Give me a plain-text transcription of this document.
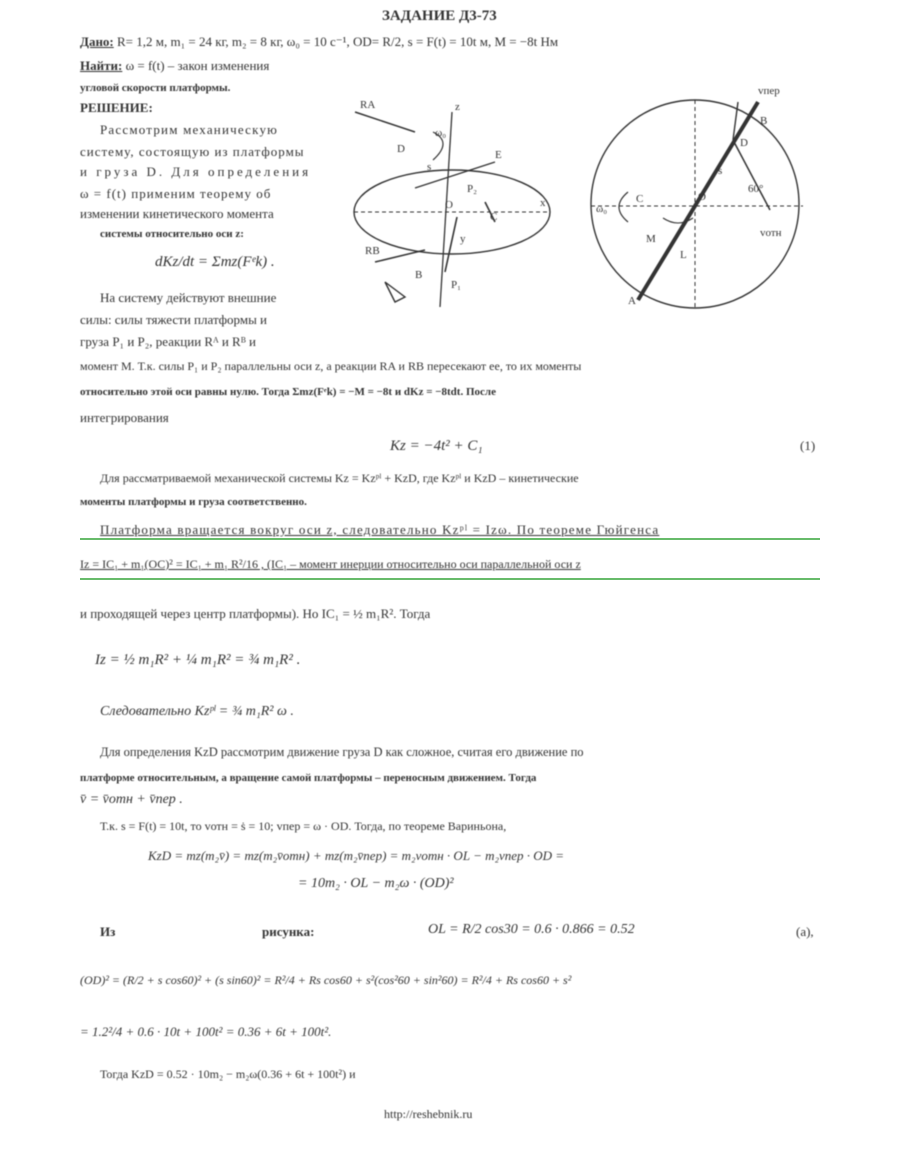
ЗАДАНИЕ Д3-73
Дано: R= 1,2 м, m₁ = 24 кг, m₂ = 8 кг, ω₀ = 10 с⁻¹, OD= R/2, s = F(t) = 10t м, M = −8t Нм
Найти: ω = f(t) – закон изменения
угловой скорости платформы.
РЕШЕНИЕ:
Рассмотрим механическую
систему, состоящую из платформы
и груза D. Для определения
ω = f(t) применим теорему об
изменении кинетического момента
системы относительно оси z:
dKz/dt = Σmz(Fᵉk) .
На систему действуют внешние
силы: силы тяжести платформы и
груза P₁ и P₂, реакции Rᴬ и Rᴮ и
момент M. Т.к. силы P₁ и P₂ параллельны оси z, а реакции RA и RB пересекают ее, то их моменты
относительно этой оси равны нулю. Тогда Σmz(Fᵉk) = −M = −8t и dKz = −8tdt. После
интегрирования
Kz = −4t² + C₁	(1)
Для рассматриваемой механической системы Kz = Kzᵖˡ + KzD, где Kzᵖˡ и KzD – кинетические
моменты платформы и груза соответственно.
Платформа вращается вокруг оси z, следовательно Kzᵖˡ = Izω. По теореме Гюйгенса
Iz = IC₁ + m₁(OC)² = IC₁ + m₁ R²/16 , (IC₁ – момент инерции относительно оси параллельной оси z
и проходящей через центр платформы). Но IC₁ = ½ m₁R². Тогда
Iz = ½ m₁R² + ¼ m₁R² = ¾ m₁R² .
Следовательно Kzᵖˡ = ¾ m₁R² ω .
Для определения KzD рассмотрим движение груза D как сложное, считая его движение по
платформе относительным, а вращение самой платформы – переносным движением. Тогда
v̄ = v̄отн + v̄пер .
Т.к. s = F(t) = 10t, то vотн = ṡ = 10; vпер = ω · OD. Тогда, по теореме Вариньона,
KzD = mz(m₂v̄) = mz(m₂v̄отн) + mz(m₂v̄пер) = m₂vотн · OL − m₂vпер · OD =
= 10m₂ · OL − m₂ω · (OD)²
Из	рисунка:	OL = R/2 cos30 = 0.6 · 0.866 = 0.52	(a),
(OD)² = (R/2 + s cos60)² + (s sin60)² = R²/4 + Rs cos60 + s²(cos²60 + sin²60) = R²/4 + Rs cos60 + s²
= 1.2²/4 + 0.6 · 10t + 100t² = 0.36 + 6t + 100t².
Тогда KzD = 0.52 · 10m₂ − m₂ω(0.36 + 6t + 100t²) и
http://reshebnik.ru
RA
D
s
E
C
P₂
z
RB
B
P₁
y
x
O
ω₀
vпер
B
D
s
60°
vотн
ω₀
C	O
M
A
L
